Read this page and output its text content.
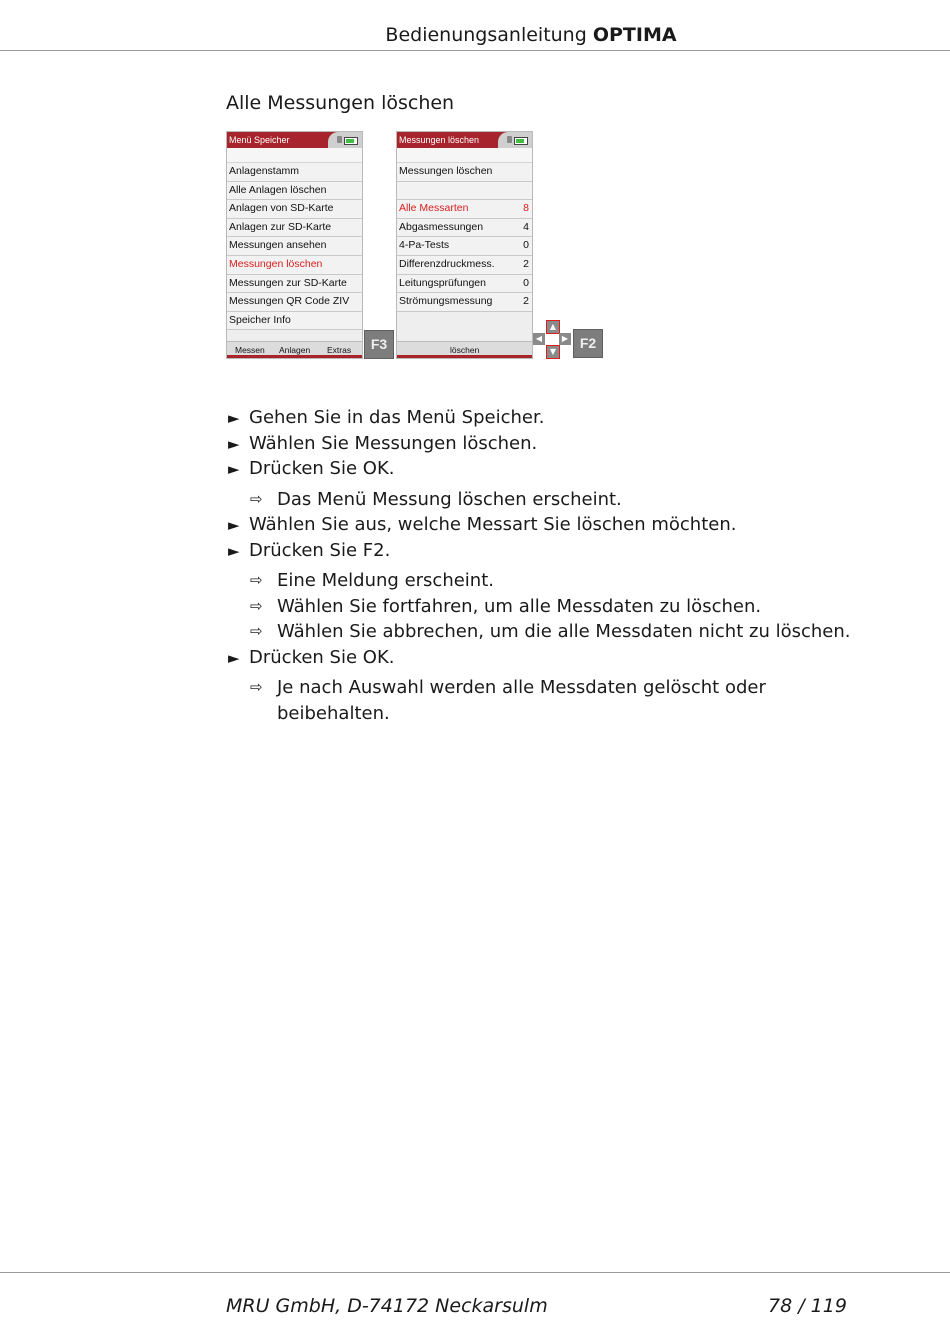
Bedienungsanleitung OPTIMA
Alle Messungen löschen
Menü Speicher
Anlagenstamm
Alle Anlagen löschen
Anlagen von SD-Karte
Anlagen zur SD-Karte
Messungen ansehen
Messungen löschen
Messungen zur SD-Karte
Messungen QR Code ZIV
Speicher Info
Messen Anlagen Extras	F3
Messungen löschen
Messungen löschen
Alle Messarten	8
Abgasmessungen	4
4-Pa-Tests	0
Differenzdruckmess.	2
Leitungsprüfungen	0
Strömungsmessung	2
löschen
▲
◀	▶
▼
F2
► Gehen Sie in das Menü Speicher.
► Wählen Sie Messungen löschen.
► Drücken Sie OK.
⇨ Das Menü Messung löschen erscheint.
► Wählen Sie aus, welche Messart Sie löschen möchten.
► Drücken Sie F2.
⇨ Eine Meldung erscheint.
⇨ Wählen Sie fortfahren, um alle Messdaten zu löschen.
⇨ Wählen Sie abbrechen, um die alle Messdaten nicht zu löschen.
► Drücken Sie OK.
⇨ Je nach Auswahl werden alle Messdaten gelöscht oder beibehalten.
MRU GmbH, D-74172 Neckarsulm	78 / 119
